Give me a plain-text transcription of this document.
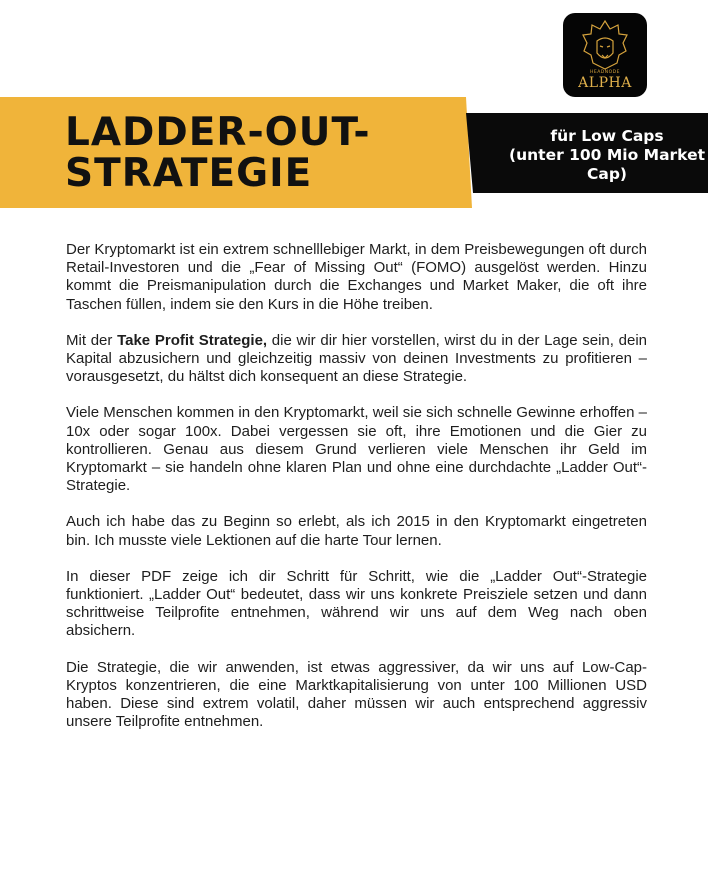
HEADNODE
ALPHA
LADDER-OUT-
STRATEGIE
für Low Caps
(unter 100 Mio Market
Cap)

Der Kryptomarkt ist ein extrem schnelllebiger Markt, in dem Preisbewegungen oft durch Retail-Investoren und die „Fear of Missing Out“ (FOMO) ausgelöst werden. Hinzu kommt die Preismanipulation durch die Exchanges und Market Maker, die oft ihre Taschen füllen, indem sie den Kurs in die Höhe treiben.

Mit der Take Profit Strategie, die wir dir hier vorstellen, wirst du in der Lage sein, dein Kapital abzusichern und gleichzeitig massiv von deinen Investments zu profitieren – vorausgesetzt, du hältst dich konsequent an diese Strategie.

Viele Menschen kommen in den Kryptomarkt, weil sie sich schnelle Gewinne erhoffen – 10x oder sogar 100x. Dabei vergessen sie oft, ihre Emotionen und die Gier zu kontrollieren. Genau aus diesem Grund verlieren viele Menschen ihr Geld im Kryptomarkt – sie handeln ohne klaren Plan und ohne eine durchdachte „Ladder Out“-Strategie.

Auch ich habe das zu Beginn so erlebt, als ich 2015 in den Kryptomarkt eingetreten bin. Ich musste viele Lektionen auf die harte Tour lernen.

In dieser PDF zeige ich dir Schritt für Schritt, wie die „Ladder Out“-Strategie funktioniert. „Ladder Out“ bedeutet, dass wir uns konkrete Preisziele setzen und dann schrittweise Teilprofite entnehmen, während wir uns auf dem Weg nach oben absichern.

Die Strategie, die wir anwenden, ist etwas aggressiver, da wir uns auf Low-Cap-Kryptos konzentrieren, die eine Marktkapitalisierung von unter 100 Millionen USD haben. Diese sind extrem volatil, daher müssen wir auch entsprechend aggressiv unsere Teilprofite entnehmen.
